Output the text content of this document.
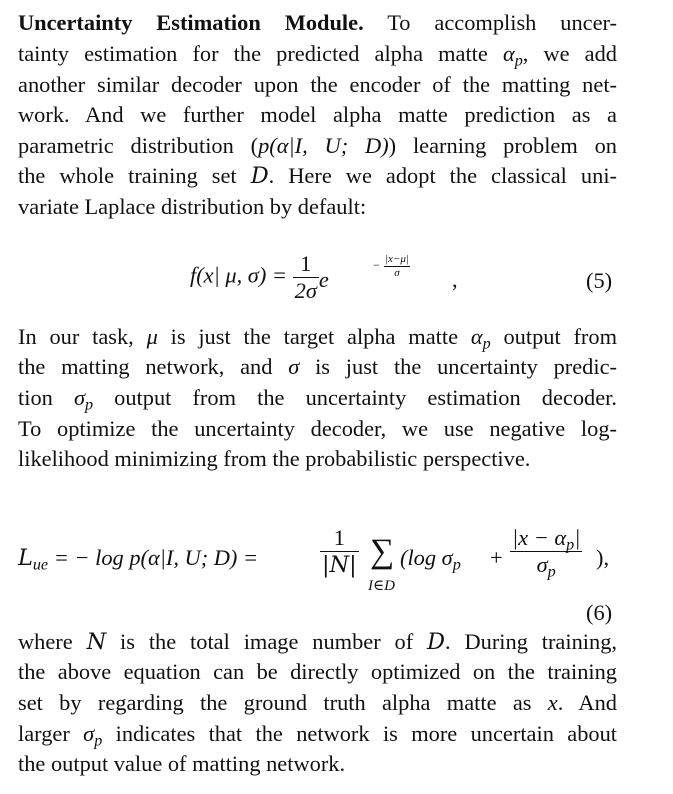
Uncertainty Estimation Module. To accomplish uncer-
tainty estimation for the predicted alpha matte $\alpha_p$, we add
another similar decoder upon the encoder of the matting net-
work. And we further model alpha matte prediction as a
parametric distribution (p(α|I, U; D)) learning problem on
the whole training set D. Here we adopt the classical uni-
variate Laplace distribution by default:
f(x| μ, $\sigma) = \frac{1}{2\sigma}$ e
− |x−μ|
σ	,	(5)
In our task, μ is just the target alpha matte $\alpha_p$ output from
the matting network, and σ is just the uncertainty predic-
tion $\sigma_p$ output from the uncertainty estimation decoder.
To optimize the uncertainty decoder, we use negative log-
likelihood minimizing from the probabilistic perspective.
$L_{ue}$ = − log p(α|I, U; D) =	$\frac{1}{|N|}$ ∑
I∈D
(log $\sigma_p + \frac{|x - \alpha_p|}{\sigma_p}$ ),
(6)
where N is the total image number of D. During training,
the above equation can be directly optimized on the training
set by regarding the ground truth alpha matte as x. And
larger $\sigma_p$ indicates that the network is more uncertain about
the output value of matting network.
